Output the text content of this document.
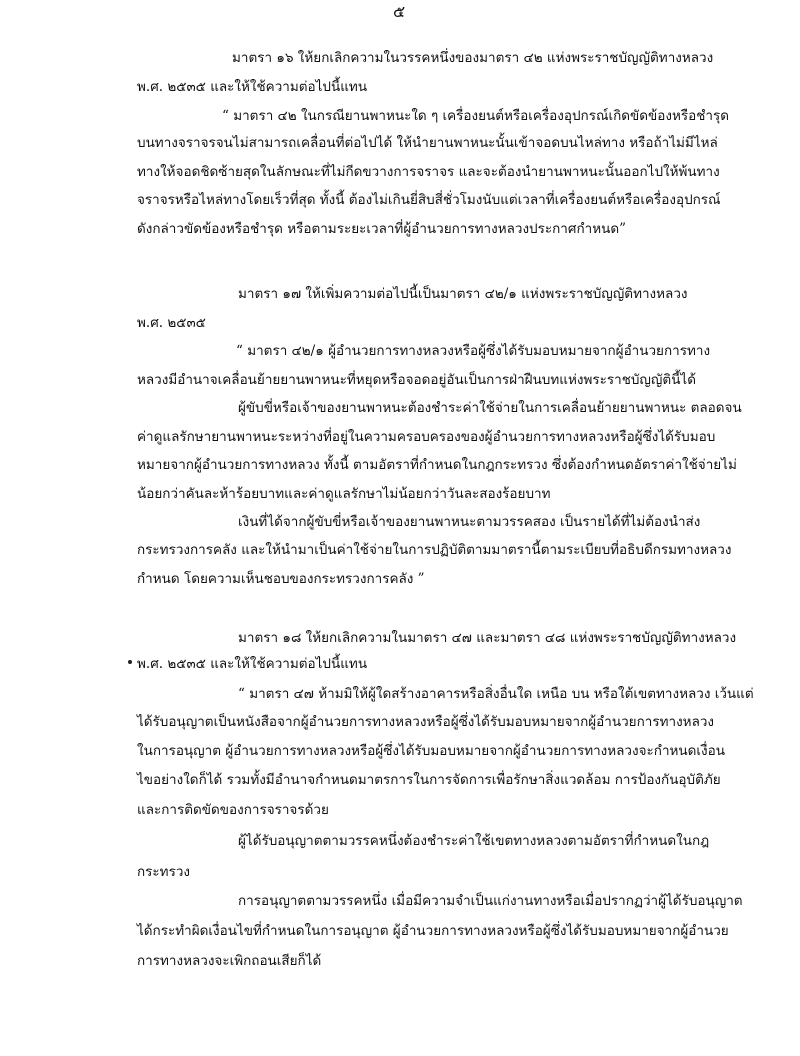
๕
มาตรา ๑๖ ให้ยกเลิกความในวรรคหนึ่งของมาตรา ๔๒ แห่งพระราชบัญญัติทางหลวง
พ.ศ. ๒๕๓๕ และให้ใช้ความต่อไปนี้แทน
“ มาตรา ๔๒ ในกรณียานพาหนะใด ๆ เครื่องยนต์หรือเครื่องอุปกรณ์เกิดขัดข้องหรือชำรุด
บนทางจราจรจนไม่สามารถเคลื่อนที่ต่อไปได้ ให้นำยานพาหนะนั้นเข้าจอดบนไหล่ทาง หรือถ้าไม่มีไหล่
ทางให้จอดชิดซ้ายสุดในลักษณะที่ไม่กีดขวางการจราจร และจะต้องนำยานพาหนะนั้นออกไปให้พ้นทาง
จราจรหรือไหล่ทางโดยเร็วที่สุด ทั้งนี้ ต้องไม่เกินยี่สิบสี่ชั่วโมงนับแต่เวลาที่เครื่องยนต์หรือเครื่องอุปกรณ์
ดังกล่าวขัดข้องหรือชำรุด หรือตามระยะเวลาที่ผู้อำนวยการทางหลวงประกาศกำหนด”
มาตรา ๑๗ ให้เพิ่มความต่อไปนี้เป็นมาตรา ๔๒/๑ แห่งพระราชบัญญัติทางหลวง
พ.ศ. ๒๕๓๕
“ มาตรา ๔๒/๑ ผู้อำนวยการทางหลวงหรือผู้ซึ่งได้รับมอบหมายจากผู้อำนวยการทาง
หลวงมีอำนาจเคลื่อนย้ายยานพาหนะที่หยุดหรือจอดอยู่อันเป็นการฝ่าฝืนบทแห่งพระราชบัญญัตินี้ได้
ผู้ขับขี่หรือเจ้าของยานพาหนะต้องชำระค่าใช้จ่ายในการเคลื่อนย้ายยานพาหนะ ตลอดจน
ค่าดูแลรักษายานพาหนะระหว่างที่อยู่ในความครอบครองของผู้อำนวยการทางหลวงหรือผู้ซึ่งได้รับมอบ
หมายจากผู้อำนวยการทางหลวง ทั้งนี้ ตามอัตราที่กำหนดในกฎกระทรวง ซึ่งต้องกำหนดอัตราค่าใช้จ่ายไม่
น้อยกว่าคันละห้าร้อยบาทและค่าดูแลรักษาไม่น้อยกว่าวันละสองร้อยบาท
เงินที่ได้จากผู้ขับขี่หรือเจ้าของยานพาหนะตามวรรคสอง เป็นรายได้ที่ไม่ต้องนำส่ง
กระทรวงการคลัง และให้นำมาเป็นค่าใช้จ่ายในการปฏิบัติตามมาตรานี้ตามระเบียบที่อธิบดีกรมทางหลวง
กำหนด โดยความเห็นชอบของกระทรวงการคลัง ”
มาตรา ๑๘ ให้ยกเลิกความในมาตรา ๔๗ และมาตรา ๔๘ แห่งพระราชบัญญัติทางหลวง
พ.ศ. ๒๕๓๕ และให้ใช้ความต่อไปนี้แทน
“ มาตรา ๔๗ ห้ามมิให้ผู้ใดสร้างอาคารหรือสิ่งอื่นใด เหนือ บน หรือใต้เขตทางหลวง เว้นแต่
ได้รับอนุญาตเป็นหนังสือจากผู้อำนวยการทางหลวงหรือผู้ซึ่งได้รับมอบหมายจากผู้อำนวยการทางหลวง
ในการอนุญาต ผู้อำนวยการทางหลวงหรือผู้ซึ่งได้รับมอบหมายจากผู้อำนวยการทางหลวงจะกำหนดเงื่อน
ไขอย่างใดก็ได้ รวมทั้งมีอำนาจกำหนดมาตรการในการจัดการเพื่อรักษาสิ่งแวดล้อม การป้องกันอุบัติภัย
และการติดขัดของการจราจรด้วย
ผู้ได้รับอนุญาตตามวรรคหนึ่งต้องชำระค่าใช้เขตทางหลวงตามอัตราที่กำหนดในกฎ
กระทรวง
การอนุญาตตามวรรคหนึ่ง เมื่อมีความจำเป็นแก่งานทางหรือเมื่อปรากฏว่าผู้ได้รับอนุญาต
ได้กระทำผิดเงื่อนไขที่กำหนดในการอนุญาต ผู้อำนวยการทางหลวงหรือผู้ซึ่งได้รับมอบหมายจากผู้อำนวย
การทางหลวงจะเพิกถอนเสียก็ได้
